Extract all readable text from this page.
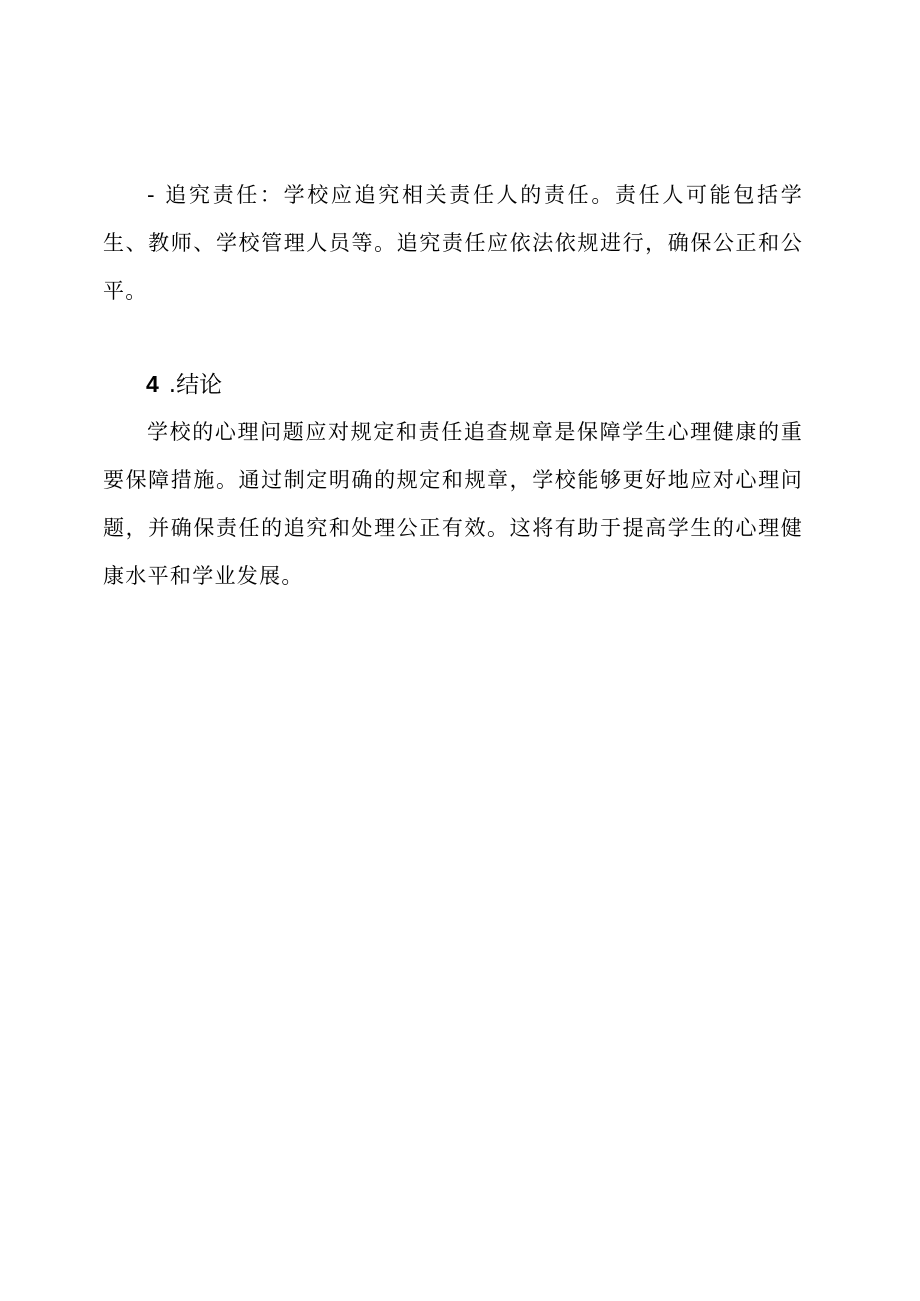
- 追究责任：学校应追究相关责任人的责任。责任人可能包括学生、教师、学校管理人员等。追究责任应依法依规进行，确保公正和公平。

4 .结论

学校的心理问题应对规定和责任追查规章是保障学生心理健康的重要保障措施。通过制定明确的规定和规章，学校能够更好地应对心理问题，并确保责任的追究和处理公正有效。这将有助于提高学生的心理健康水平和学业发展。
